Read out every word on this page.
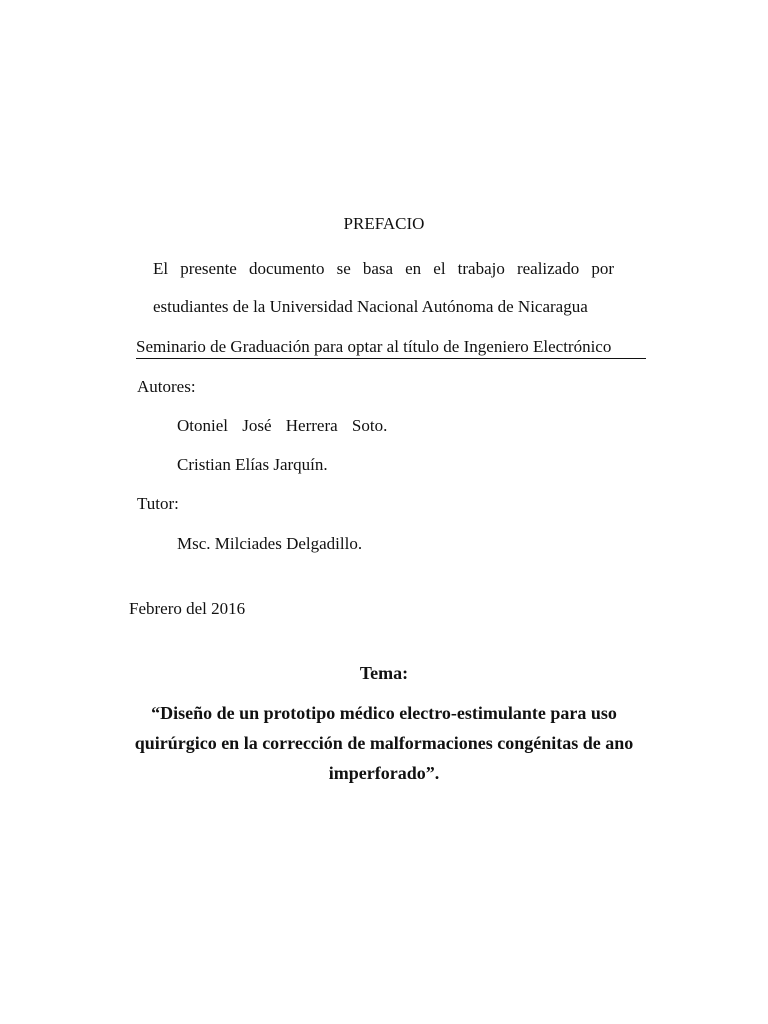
PREFACIO
El presente documento se basa en el trabajo realizado por
estudiantes de la Universidad Nacional Autónoma de Nicaragua
Seminario de Graduación para optar al título de Ingeniero Electrónico
Autores:
Otoniel José Herrera Soto.
Cristian Elías Jarquín.
Tutor:
Msc. Milciades Delgadillo.
Febrero del 2016
Tema:
“Diseño de un prototipo médico electro-estimulante para uso
quirúrgico en la corrección de malformaciones congénitas de ano
imperforado”.
